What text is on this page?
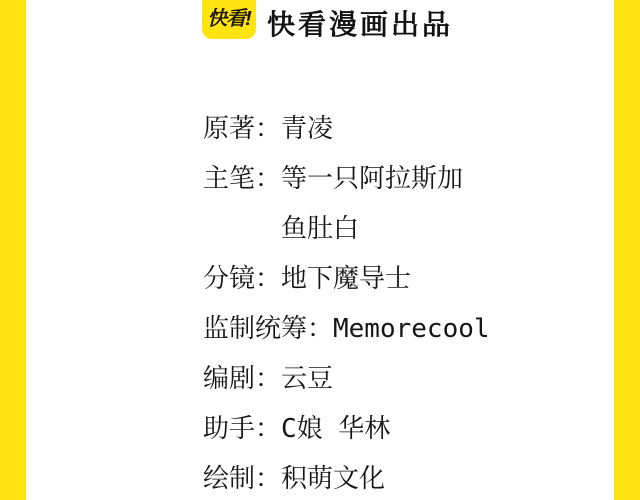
快看! 快看漫画出品
原著：青凌
主笔：等一只阿拉斯加
鱼肚白
分镜：地下魔导士
监制统筹：Memorecool
编剧：云豆
助手：C娘 华林
绘制：积萌文化
